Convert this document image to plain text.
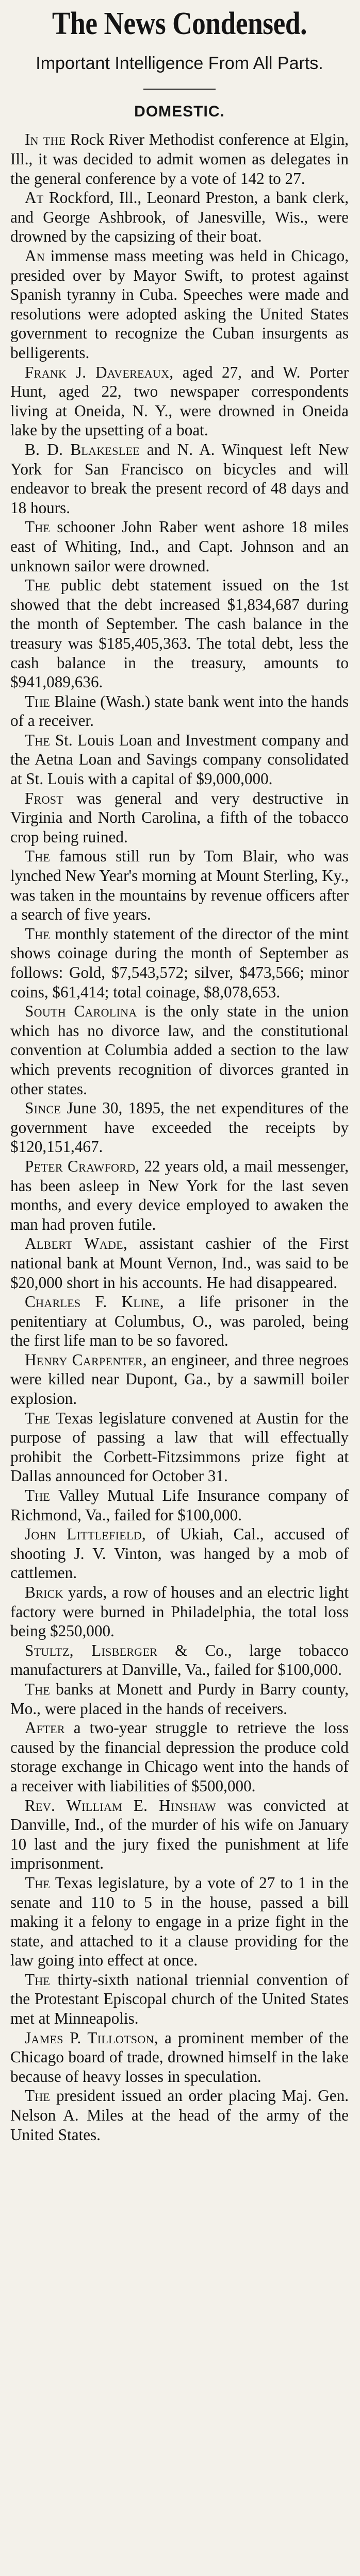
The News Condensed.
Important Intelligence From All Parts.
DOMESTIC.

In the Rock River Methodist conference at Elgin, Ill., it was decided to admit women as delegates in the general conference by a vote of 142 to 27.

At Rockford, Ill., Leonard Preston, a bank clerk, and George Ashbrook, of Janesville, Wis., were drowned by the capsizing of their boat.

An immense mass meeting was held in Chicago, presided over by Mayor Swift, to protest against Spanish tyranny in Cuba. Speeches were made and resolutions were adopted asking the United States government to recognize the Cuban insurgents as belligerents.

Frank J. Davereaux, aged 27, and W. Porter Hunt, aged 22, two newspaper correspondents living at Oneida, N. Y., were drowned in Oneida lake by the upsetting of a boat.

B. D. Blakeslee and N. A. Winquest left New York for San Francisco on bicycles and will endeavor to break the present record of 48 days and 18 hours.

The schooner John Raber went ashore 18 miles east of Whiting, Ind., and Capt. Johnson and an unknown sailor were drowned.

The public debt statement issued on the 1st showed that the debt increased $1,834,687 during the month of September. The cash balance in the treasury was $185,405,363. The total debt, less the cash balance in the treasury, amounts to $941,089,636.

The Blaine (Wash.) state bank went into the hands of a receiver.

The St. Louis Loan and Investment company and the Aetna Loan and Savings company consolidated at St. Louis with a capital of $9,000,000.

Frost was general and very destructive in Virginia and North Carolina, a fifth of the tobacco crop being ruined.

The famous still run by Tom Blair, who was lynched New Year's morning at Mount Sterling, Ky., was taken in the mountains by revenue officers after a search of five years.

The monthly statement of the director of the mint shows coinage during the month of September as follows: Gold, $7,543,572; silver, $473,566; minor coins, $61,414; total coinage, $8,078,653.

South Carolina is the only state in the union which has no divorce law, and the constitutional convention at Columbia added a section to the law which prevents recognition of divorces granted in other states.

Since June 30, 1895, the net expenditures of the government have exceeded the receipts by $120,151,467.

Peter Crawford, 22 years old, a mail messenger, has been asleep in New York for the last seven months, and every device employed to awaken the man had proven futile.

Albert Wade, assistant cashier of the First national bank at Mount Vernon, Ind., was said to be $20,000 short in his accounts. He had disappeared.

Charles F. Kline, a life prisoner in the penitentiary at Columbus, O., was paroled, being the first life man to be so favored.

Henry Carpenter, an engineer, and three negroes were killed near Dupont, Ga., by a sawmill boiler explosion.

The Texas legislature convened at Austin for the purpose of passing a law that will effectually prohibit the Corbett-Fitzsimmons prize fight at Dallas announced for October 31.

The Valley Mutual Life Insurance company of Richmond, Va., failed for $100,000.

John Littlefield, of Ukiah, Cal., accused of shooting J. V. Vinton, was hanged by a mob of cattlemen.

Brick yards, a row of houses and an electric light factory were burned in Philadelphia, the total loss being $250,000.

Stultz, Lisberger & Co., large tobacco manufacturers at Danville, Va., failed for $100,000.

The banks at Monett and Purdy in Barry county, Mo., were placed in the hands of receivers.

After a two-year struggle to retrieve the loss caused by the financial depression the produce cold storage exchange in Chicago went into the hands of a receiver with liabilities of $500,000.

Rev. William E. Hinshaw was convicted at Danville, Ind., of the murder of his wife on January 10 last and the jury fixed the punishment at life imprisonment.

The Texas legislature, by a vote of 27 to 1 in the senate and 110 to 5 in the house, passed a bill making it a felony to engage in a prize fight in the state, and attached to it a clause providing for the law going into effect at once.

The thirty-sixth national triennial convention of the Protestant Episcopal church of the United States met at Minneapolis.

James P. Tillotson, a prominent member of the Chicago board of trade, drowned himself in the lake because of heavy losses in speculation.

The president issued an order placing Maj. Gen. Nelson A. Miles at the head of the army of the United States.
